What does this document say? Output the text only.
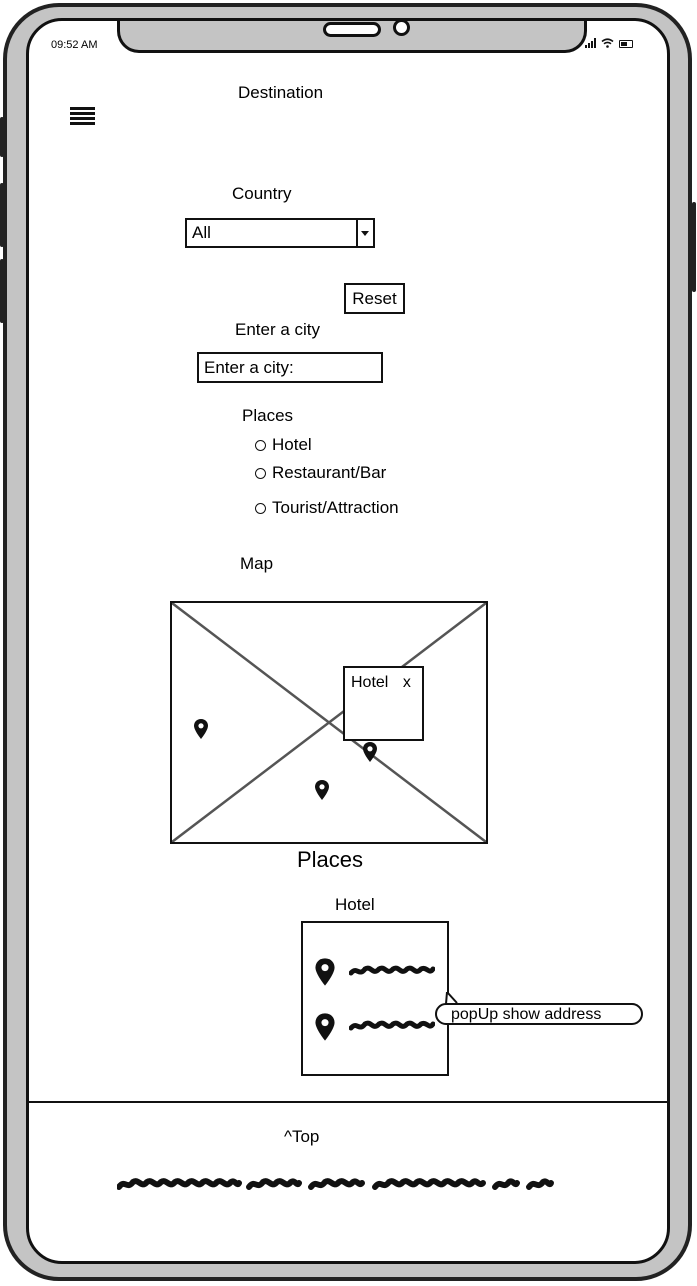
09:52 AM
Destination
Country
All
Reset
Enter a city
Enter a city:
Places
Hotel
Restaurant/Bar
Tourist/Attraction
Map
Hotel x
Places
Hotel
popUp show address
^Top
